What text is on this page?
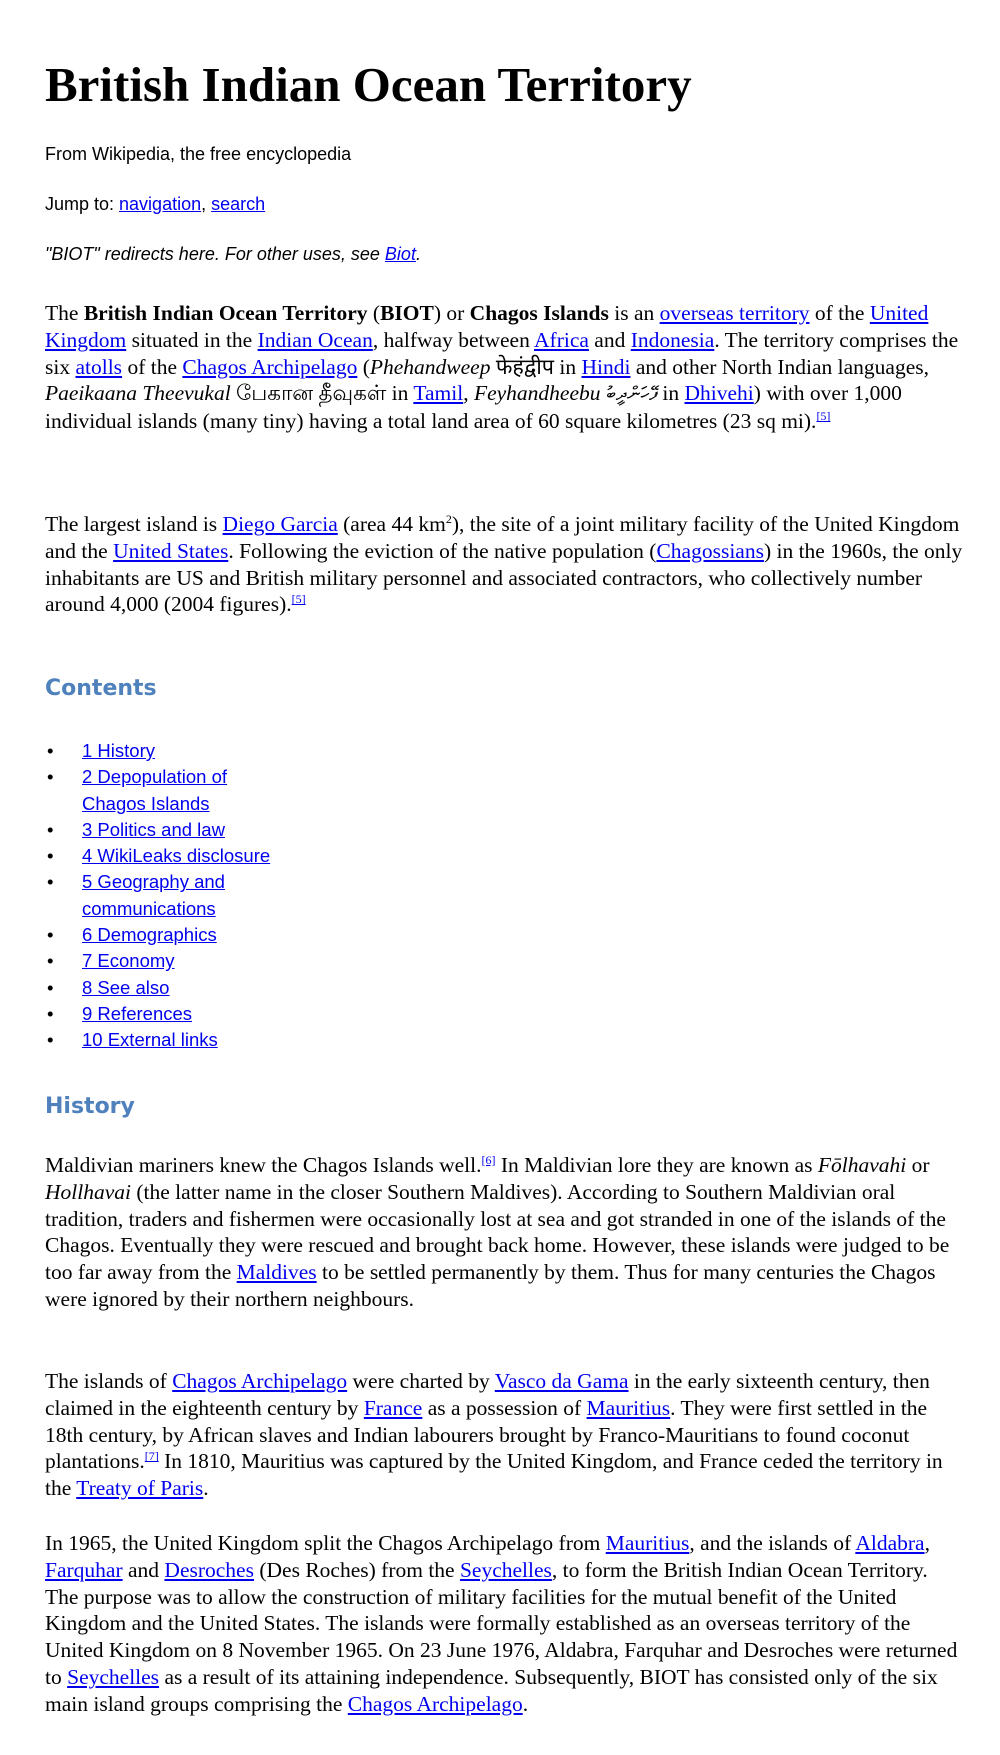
British Indian Ocean Territory
From Wikipedia, the free encyclopedia
Jump to: navigation, search
"BIOT" redirects here. For other uses, see Biot.

The British Indian Ocean Territory (BIOT) or Chagos Islands is an overseas territory of the United Kingdom situated in the Indian Ocean, halfway between Africa and Indonesia. The territory comprises the six atolls of the Chagos Archipelago (Phehandweep फेहंद्वीप in Hindi and other North Indian languages, Paeikaana Theevukal பேகான தீவுகள் in Tamil, Feyhandheebu ފޭހަންދީބު in Dhivehi) with over 1,000 individual islands (many tiny) having a total land area of 60 square kilometres (23 sq mi).[5]

The largest island is Diego Garcia (area 44 $km^2$), the site of a joint military facility of the United Kingdom and the United States. Following the eviction of the native population (Chagossians) in the 1960s, the only inhabitants are US and British military personnel and associated contractors, who collectively number around 4,000 (2004 figures).[5]

Contents
• 1 History
• 2 Depopulation of Chagos Islands
• 3 Politics and law
• 4 WikiLeaks disclosure
• 5 Geography and communications
• 6 Demographics
• 7 Economy
• 8 See also
• 9 References
• 10 External links
History

Maldivian mariners knew the Chagos Islands well.[6] In Maldivian lore they are known as Fōlhavahi or Hollhavai (the latter name in the closer Southern Maldives). According to Southern Maldivian oral tradition, traders and fishermen were occasionally lost at sea and got stranded in one of the islands of the Chagos. Eventually they were rescued and brought back home. However, these islands were judged to be too far away from the Maldives to be settled permanently by them. Thus for many centuries the Chagos were ignored by their northern neighbours.

The islands of Chagos Archipelago were charted by Vasco da Gama in the early sixteenth century, then claimed in the eighteenth century by France as a possession of Mauritius. They were first settled in the 18th century, by African slaves and Indian labourers brought by Franco-Mauritians to found coconut plantations.[7] In 1810, Mauritius was captured by the United Kingdom, and France ceded the territory in the Treaty of Paris.

In 1965, the United Kingdom split the Chagos Archipelago from Mauritius, and the islands of Aldabra, Farquhar and Desroches (Des Roches) from the Seychelles, to form the British Indian Ocean Territory. The purpose was to allow the construction of military facilities for the mutual benefit of the United Kingdom and the United States. The islands were formally established as an overseas territory of the United Kingdom on 8 November 1965. On 23 June 1976, Aldabra, Farquhar and Desroches were returned to Seychelles as a result of its attaining independence. Subsequently, BIOT has consisted only of the six main island groups comprising the Chagos Archipelago.
